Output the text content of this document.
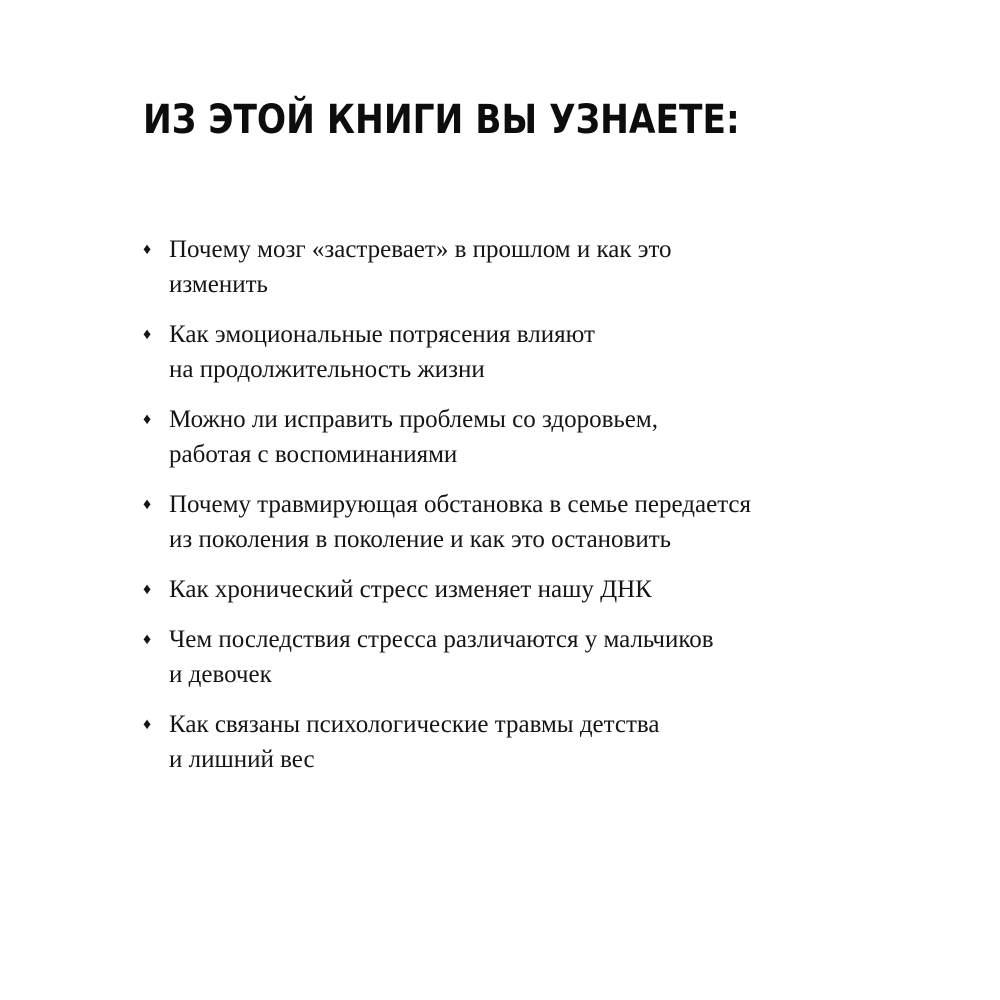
ИЗ ЭТОЙ КНИГИ ВЫ УЗНАЕТЕ:
♦ Почему мозг «застревает» в прошлом и как это
изменить
♦ Как эмоциональные потрясения влияют
на продолжительность жизни
♦ Можно ли исправить проблемы со здоровьем,
работая с воспоминаниями
♦ Почему травмирующая обстановка в семье передается
из поколения в поколение и как это остановить
♦ Как хронический стресс изменяет нашу ДНК
♦ Чем последствия стресса различаются у мальчиков
и девочек
♦ Как связаны психологические травмы детства
и лишний вес
